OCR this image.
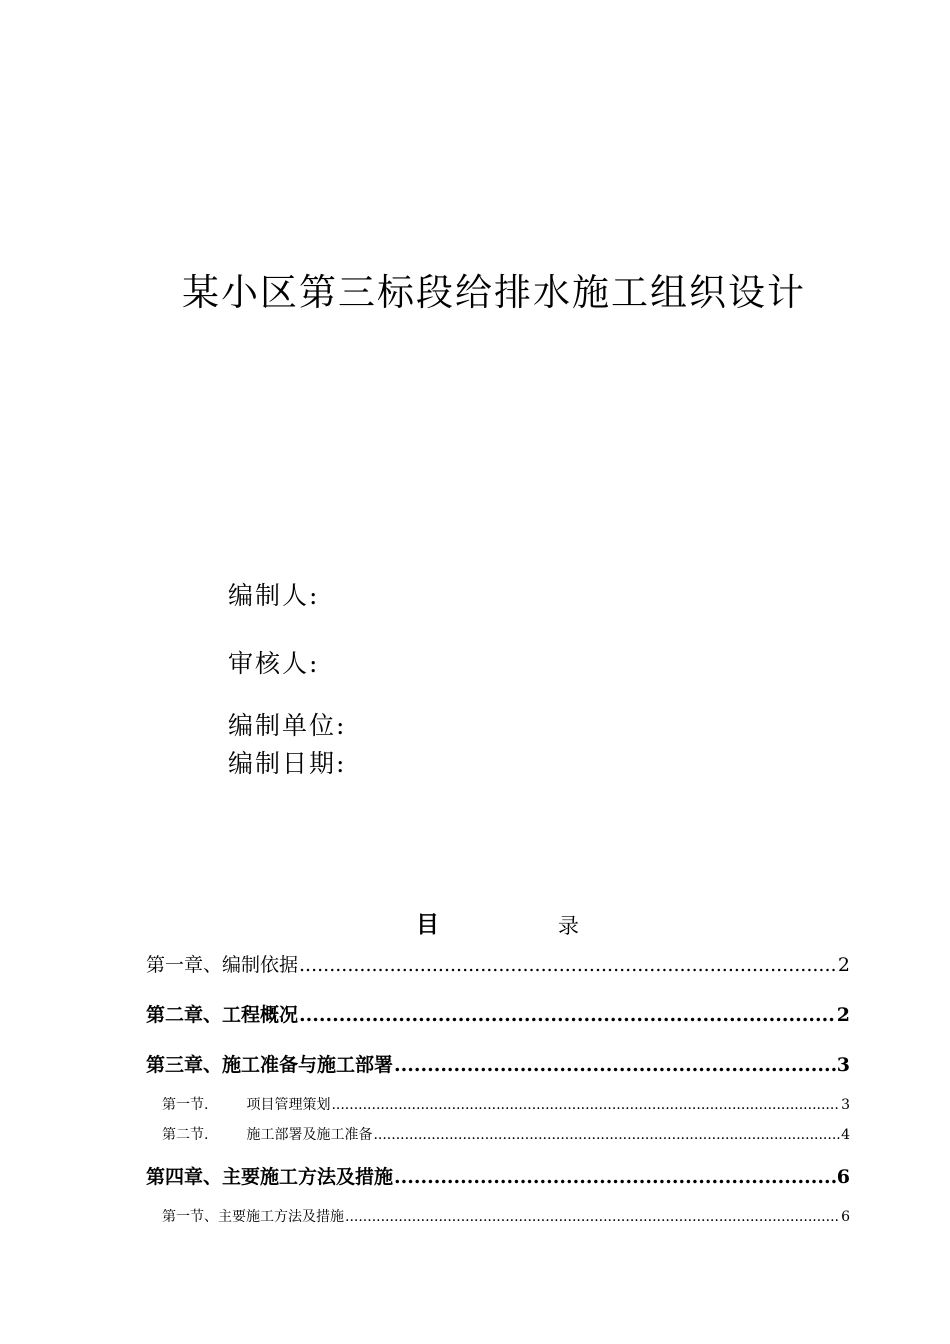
某小区第三标段给排水施工组织设计
编制人:
审核人:
编制单位:
编制日期:
目	录
第一章、编制依据 .....	2
第二章、工程概况 .....	2
第三章、施工准备与施工部署 .....	3
第一节.	项目管理策划 .....	3
第二节.	施工部署及施工准备 .....	4
第四章、主要施工方法及措施 .....	6
第一节、主要施工方法及措施 .....	6
